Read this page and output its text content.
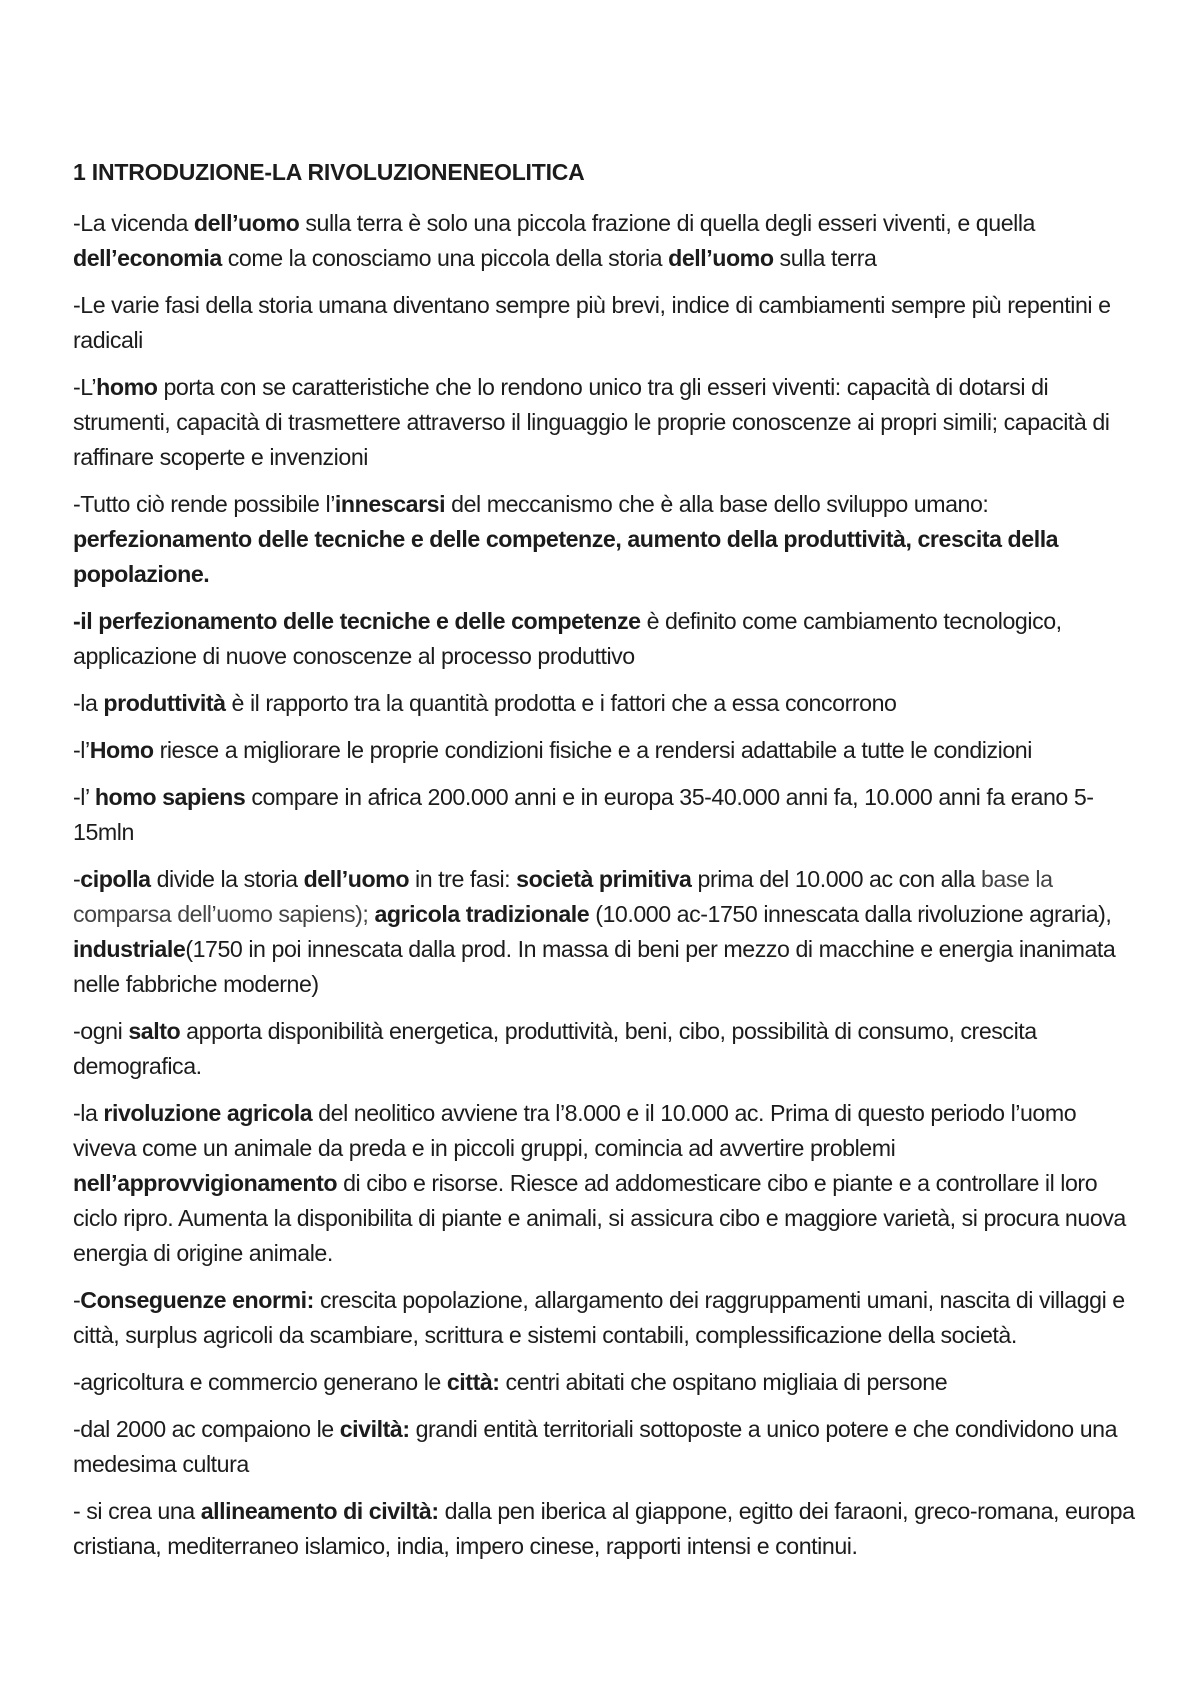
1 INTRODUZIONE-LA RIVOLUZIONENEOLITICA

-La vicenda dell’uomo sulla terra è solo una piccola frazione di quella degli esseri viventi, e quella dell’economia come la conosciamo una piccola della storia dell’uomo sulla terra

-Le varie fasi della storia umana diventano sempre più brevi, indice di cambiamenti sempre più repentini e radicali

-L’homo porta con se caratteristiche che lo rendono unico tra gli esseri viventi: capacità di dotarsi di strumenti, capacità di trasmettere attraverso il linguaggio le proprie conoscenze ai propri simili; capacità di raffinare scoperte e invenzioni

-Tutto ciò rende possibile l’innescarsi del meccanismo che è alla base dello sviluppo umano: perfezionamento delle tecniche e delle competenze, aumento della produttività, crescita della popolazione.

-il perfezionamento delle tecniche e delle competenze è definito come cambiamento tecnologico, applicazione di nuove conoscenze al processo produttivo

-la produttività è il rapporto tra la quantità prodotta e i fattori che a essa concorrono

-l’Homo riesce a migliorare le proprie condizioni fisiche e a rendersi adattabile a tutte le condizioni

-l’ homo sapiens compare in africa 200.000 anni e in europa 35-40.000 anni fa, 10.000 anni fa erano 5-15mln

-cipolla divide la storia dell’uomo in tre fasi: società primitiva prima del 10.000 ac con alla base la comparsa dell’uomo sapiens); agricola tradizionale (10.000 ac-1750 innescata dalla rivoluzione agraria), industriale(1750 in poi innescata dalla prod. In massa di beni per mezzo di macchine e energia inanimata nelle fabbriche moderne)

-ogni salto apporta disponibilità energetica, produttività, beni, cibo, possibilità di consumo, crescita demografica.

-la rivoluzione agricola del neolitico avviene tra l’8.000 e il 10.000 ac. Prima di questo periodo l’uomo viveva come un animale da preda e in piccoli gruppi, comincia ad avvertire problemi nell’approvvigionamento di cibo e risorse. Riesce ad addomesticare cibo e piante e a controllare il loro ciclo ripro. Aumenta la disponibilita di piante e animali, si assicura cibo e maggiore varietà, si procura nuova energia di origine animale.

-Conseguenze enormi: crescita popolazione, allargamento dei raggruppamenti umani, nascita di villaggi e città, surplus agricoli da scambiare, scrittura e sistemi contabili, complessificazione della società.

-agricoltura e commercio generano le città: centri abitati che ospitano migliaia di persone

-dal 2000 ac compaiono le civiltà: grandi entità territoriali sottoposte a unico potere e che condividono una medesima cultura

- si crea una allineamento di civiltà: dalla pen iberica al giappone, egitto dei faraoni, greco-romana, europa cristiana, mediterraneo islamico, india, impero cinese, rapporti intensi e continui.
